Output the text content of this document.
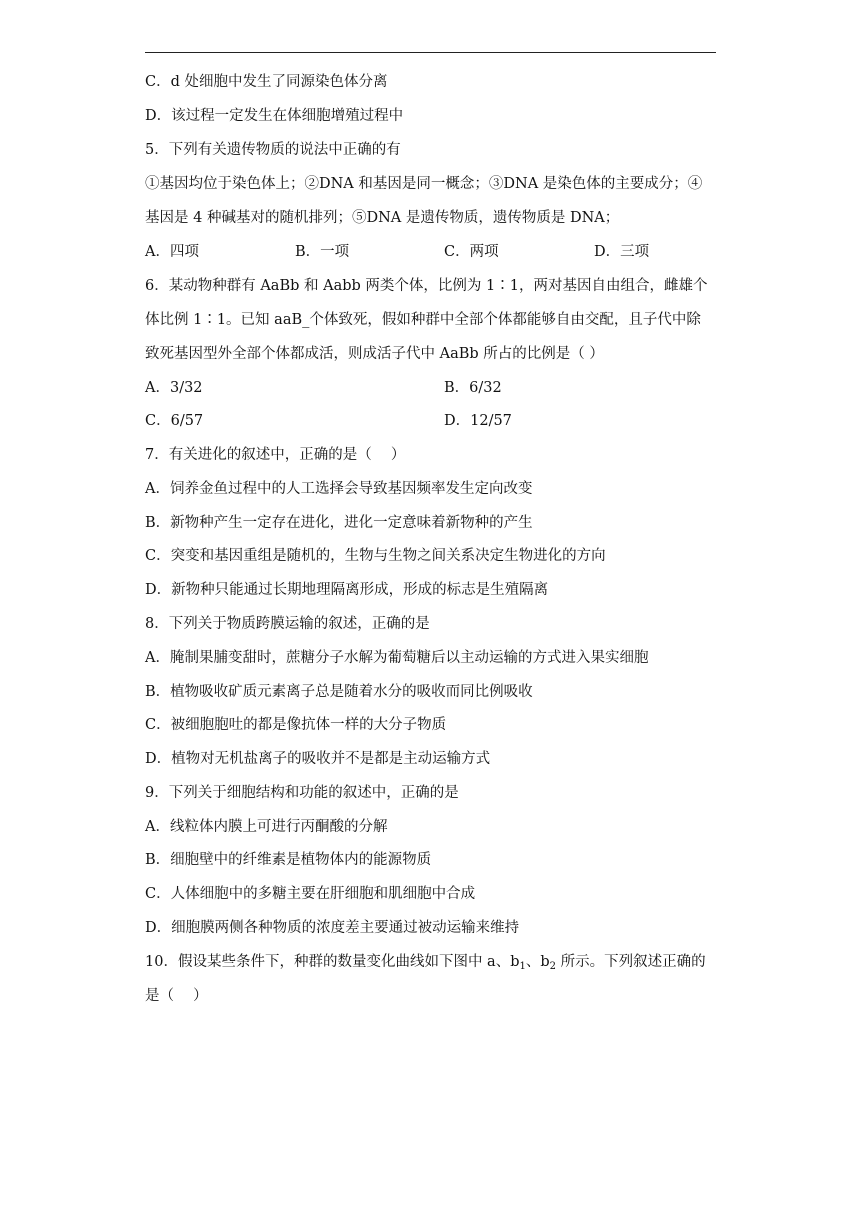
C．d 处细胞中发生了同源染色体分离
D．该过程一定发生在体细胞增殖过程中
5．下列有关遗传物质的说法中正确的有
①基因均位于染色体上；②DNA 和基因是同一概念；③DNA 是染色体的主要成分；④
基因是 4 种碱基对的随机排列；⑤DNA 是遗传物质，遗传物质是 DNA；
A．四项	B．一项	C．两项	D．三项
6．某动物种群有 AaBb 和 Aabb 两类个体，比例为 1∶1，两对基因自由组合，雌雄个
体比例 1∶1。已知 aaB_个体致死，假如种群中全部个体都能够自由交配，且子代中除
致死基因型外全部个体都成活，则成活子代中 AaBb 所占的比例是（ ）
A．3/32	B．6/32
C．6/57	D．12/57
7．有关进化的叙述中，正确的是（　 ）
A．饲养金鱼过程中的人工选择会导致基因频率发生定向改变
B．新物种产生一定存在进化，进化一定意味着新物种的产生
C．突变和基因重组是随机的，生物与生物之间关系决定生物进化的方向
D．新物种只能通过长期地理隔离形成，形成的标志是生殖隔离
8．下列关于物质跨膜运输的叙述，正确的是
A．腌制果脯变甜时，蔗糖分子水解为葡萄糖后以主动运输的方式进入果实细胞
B．植物吸收矿质元素离子总是随着水分的吸收而同比例吸收
C．被细胞胞吐的都是像抗体一样的大分子物质
D．植物对无机盐离子的吸收并不是都是主动运输方式
9．下列关于细胞结构和功能的叙述中，正确的是
A．线粒体内膜上可进行丙酮酸的分解
B．细胞壁中的纤维素是植物体内的能源物质
C．人体细胞中的多糖主要在肝细胞和肌细胞中合成
D．细胞膜两侧各种物质的浓度差主要通过被动运输来维持
10．假设某些条件下，种群的数量变化曲线如下图中 a、$b_1$、$b_2$ 所示。下列叙述正确的
是（　 ）
